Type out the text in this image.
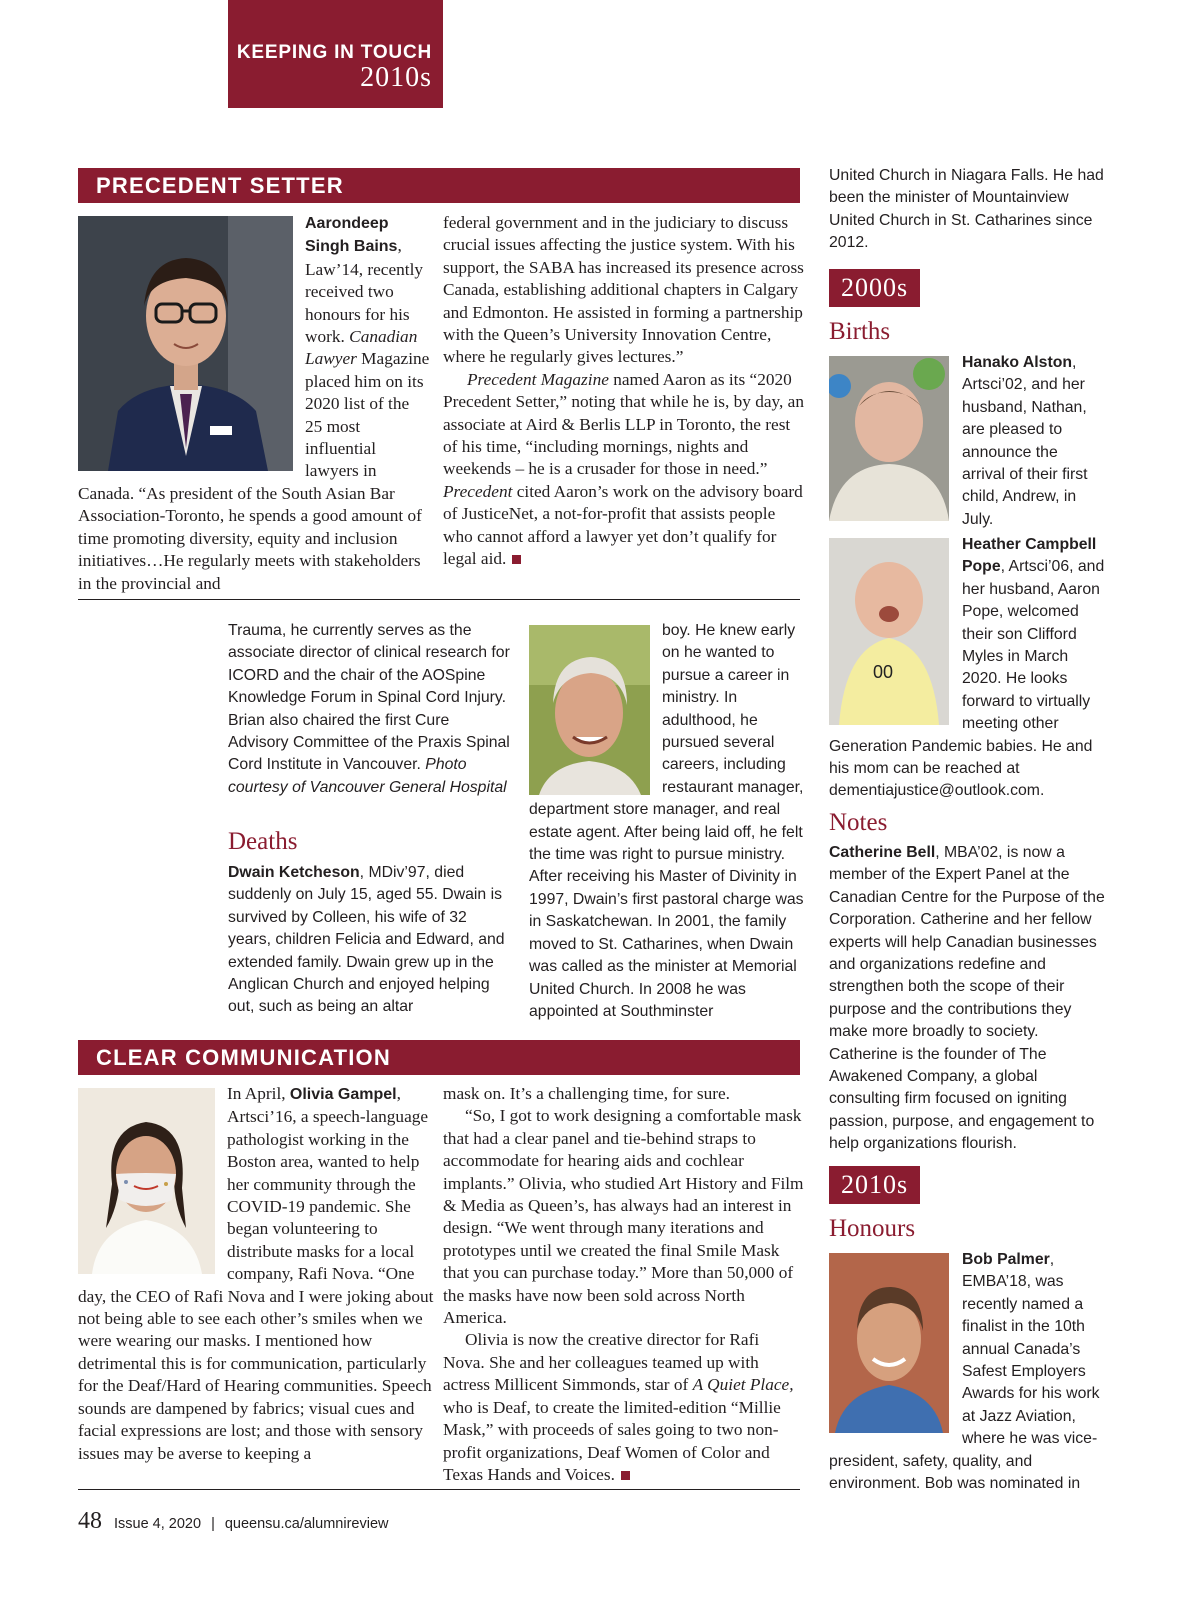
KEEPING IN TOUCH
2010s
PRECEDENT SETTER

Aarondeep
Singh Bains, Law’14, recently received two honours for his work. Canadian Lawyer Magazine placed him on its 2020 list of the 25 most influential lawyers in Canada. “As president of the South Asian Bar Association-Toronto, he spends a good amount of time promoting diversity, equity and inclusion initiatives…He regularly meets with stakeholders in the provincial and

federal government and in the judiciary to discuss crucial issues affecting the justice system. With his support, the SABA has increased its presence across Canada, establishing additional chapters in Calgary and Edmonton. He assisted in forming a partnership with the Queen’s University Innovation Centre, where he regularly gives lectures.”

Precedent Magazine named Aaron as its “2020 Precedent Setter,” noting that while he is, by day, an associate at Aird & Berlis LLP in Toronto, the rest of his time, “including mornings, nights and weekends – he is a crusader for those in need.” Precedent cited Aaron’s work on the advisory board of JusticeNet, a not-for-profit that assists people who cannot afford a lawyer yet don’t qualify for legal aid.

Trauma, he currently serves as the associate director of clinical research for ICORD and the chair of the AOSpine Knowledge Forum in Spinal Cord Injury. Brian also chaired the first Cure Advisory Committee of the Praxis Spinal Cord Institute in Vancouver. Photo courtesy of Vancouver General Hospital

Deaths

Dwain Ketcheson, MDiv’97, died suddenly on July 15, aged 55. Dwain is survived by Colleen, his wife of 32 years, children Felicia and Edward, and extended family. Dwain grew up in the Anglican Church and enjoyed helping out, such as being an altar

boy. He knew early on he wanted to pursue a career in ministry. In adulthood, he pursued several careers, including restaurant manager, department store manager, and real estate agent. After being laid off, he felt the time was right to pursue ministry. After receiving his Master of Divinity in 1997, Dwain’s first pastoral charge was in Saskatchewan. In 2001, the family moved to St. Catharines, when Dwain was called as the minister at Memorial United Church. In 2008 he was appointed at Southminster

CLEAR COMMUNICATION

In April, Olivia Gampel, Artsci’16, a speech-language pathologist working in the Boston area, wanted to help her community through the COVID-19 pandemic. She began volunteering to distribute masks for a local company, Rafi Nova. “One day, the CEO of Rafi Nova and I were joking about not being able to see each other’s smiles when we were wearing our masks. I mentioned how detrimental this is for communication, particularly for the Deaf/Hard of Hearing communities. Speech sounds are dampened by fabrics; visual cues and facial expressions are lost; and those with sensory issues may be averse to keeping a

mask on. It’s a challenging time, for sure.

“So, I got to work designing a comfortable mask that had a clear panel and tie-behind straps to accommodate for hearing aids and cochlear implants.” Olivia, who studied Art History and Film & Media as Queen’s, has always had an interest in design. “We went through many iterations and prototypes until we created the final Smile Mask that you can purchase today.” More than 50,000 of the masks have now been sold across North America.

Olivia is now the creative director for Rafi Nova. She and her colleagues teamed up with actress Millicent Simmonds, star of A Quiet Place, who is Deaf, to create the limited-edition “Millie Mask,” with proceeds of sales going to two non-profit organizations, Deaf Women of Color and Texas Hands and Voices.

48 Issue 4, 2020 | queensu.ca/alumnireview

United Church in Niagara Falls. He had been the minister of Mountainview United Church in St. Catharines since 2012.

2000s
Births

Hanako Alston, Artsci’02, and her husband, Nathan, are pleased to announce the arrival of their first child, Andrew, in July.

00

Heather Campbell Pope, Artsci’06, and her husband, Aaron Pope, welcomed their son Clifford Myles in March 2020. He looks forward to virtually meeting other Generation Pandemic babies. He and his mom can be reached at dementiajustice@outlook.com.

Notes

Catherine Bell, MBA’02, is now a member of the Expert Panel at the Canadian Centre for the Purpose of the Corporation. Catherine and her fellow experts will help Canadian businesses and organizations redefine and strengthen both the scope of their purpose and the contributions they make more broadly to society. Catherine is the founder of The Awakened Company, a global consulting firm focused on igniting passion, purpose, and engagement to help organizations flourish.

2010s
Honours

Bob Palmer, EMBA’18, was recently named a finalist in the 10th annual Canada’s Safest Employers Awards for his work at Jazz Aviation, where he was vice-president, safety, quality, and environment. Bob was nominated in
